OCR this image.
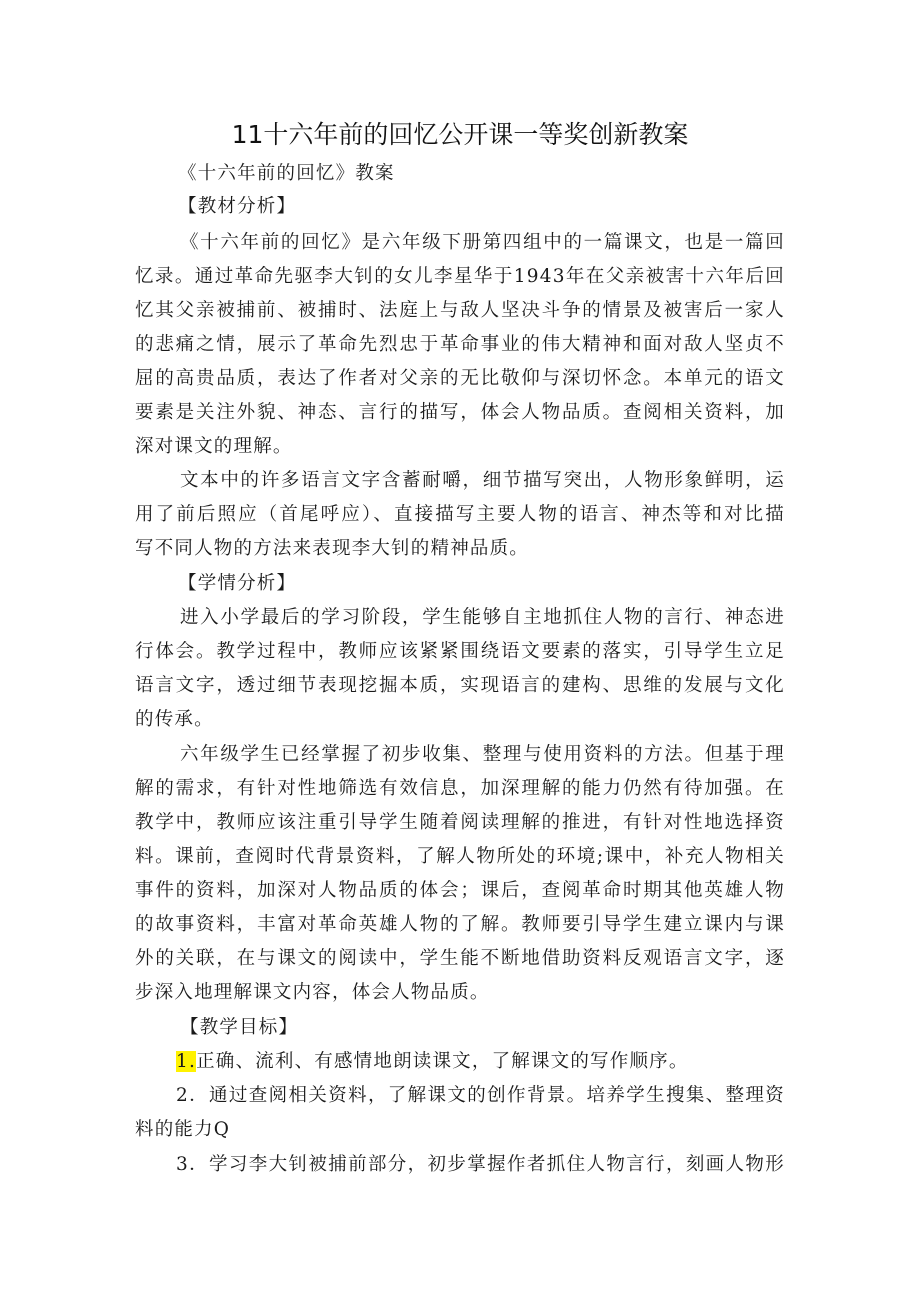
11十六年前的回忆公开课一等奖创新教案
《十六年前的回忆》教案
【教材分析】
《十六年前的回忆》是六年级下册第四组中的一篇课文，也是一篇回
忆录。通过革命先驱李大钊的女儿李星华于1943年在父亲被害十六年后回
忆其父亲被捕前、被捕时、法庭上与敌人坚决斗争的情景及被害后一家人
的悲痛之情，展示了革命先烈忠于革命事业的伟大精神和面对敌人坚贞不
屈的高贵品质，表达了作者对父亲的无比敬仰与深切怀念。本单元的语文
要素是关注外貌、神态、言行的描写，体会人物品质。查阅相关资料，加
深对课文的理解。
文本中的许多语言文字含蓄耐嚼，细节描写突出，人物形象鲜明，运
用了前后照应（首尾呼应）、直接描写主要人物的语言、神杰等和对比描
写不同人物的方法来表现李大钊的精神品质。
【学情分析】
进入小学最后的学习阶段，学生能够自主地抓住人物的言行、神态进
行体会。教学过程中，教师应该紧紧围绕语文要素的落实，引导学生立足
语言文字，透过细节表现挖掘本质，实现语言的建构、思维的发展与文化
的传承。
六年级学生已经掌握了初步收集、整理与使用资料的方法。但基于理
解的需求，有针对性地筛选有效信息，加深理解的能力仍然有待加强。在
教学中，教师应该注重引导学生随着阅读理解的推进，有针对性地选择资
料。课前，查阅时代背景资料，了解人物所处的环境;课中，补充人物相关
事件的资料，加深对人物品质的体会；课后，查阅革命时期其他英雄人物
的故事资料，丰富对革命英雄人物的了解。教师要引导学生建立课内与课
外的关联，在与课文的阅读中，学生能不断地借助资料反观语言文字，逐
步深入地理解课文内容，体会人物品质。
【教学目标】
1.正确、流利、有感情地朗读课文，了解课文的写作顺序。
2．通过查阅相关资料，了解课文的创作背景。培养学生搜集、整理资
料的能力Q
3．学习李大钊被捕前部分，初步掌握作者抓住人物言行，刻画人物形
